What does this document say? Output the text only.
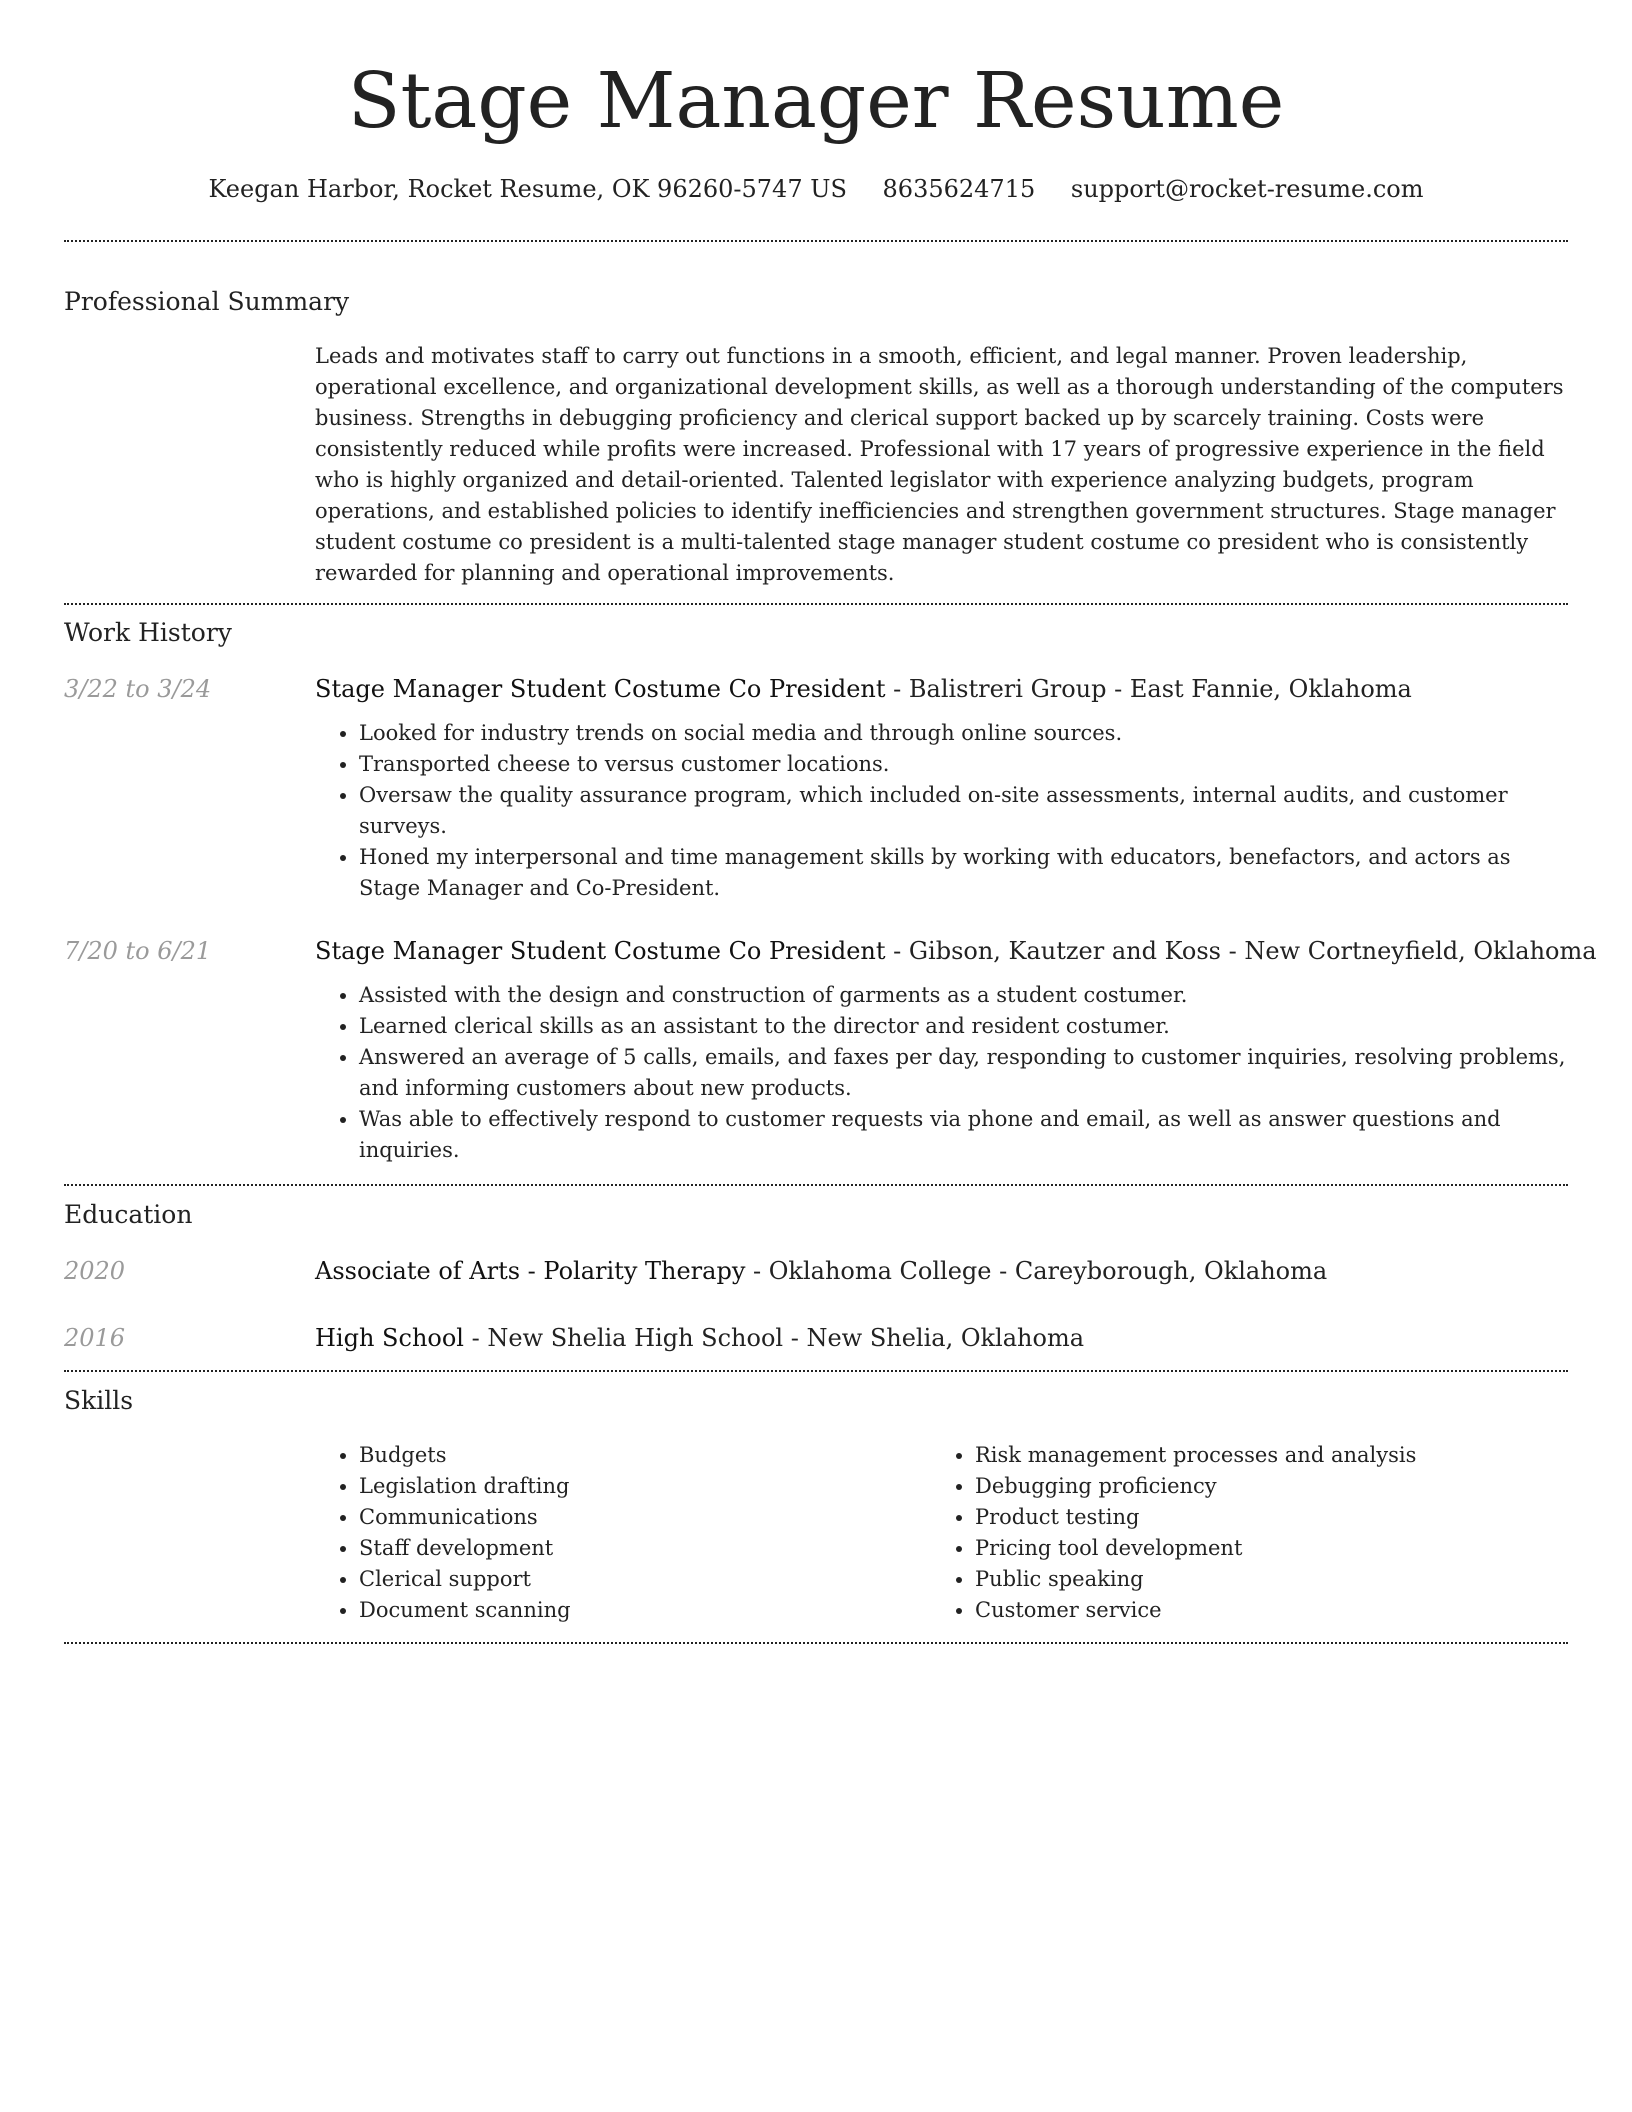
Stage Manager Resume
Keegan Harbor, Rocket Resume, OK 96260-5747 US 8635624715 support@rocket-resume.com
Professional Summary

Leads and motivates staff to carry out functions in a smooth, efficient, and legal manner. Proven leadership, operational excellence, and organizational development skills, as well as a thorough understanding of the computers business. Strengths in debugging proficiency and clerical support backed up by scarcely training. Costs were consistently reduced while profits were increased. Professional with 17 years of progressive experience in the field who is highly organized and detail-oriented. Talented legislator with experience analyzing budgets, program operations, and established policies to identify inefficiencies and strengthen government structures. Stage manager student costume co president is a multi-talented stage manager student costume co president who is consistently rewarded for planning and operational improvements.

Work History
3/22 to 3/24	Stage Manager Student Costume Co President - Balistreri Group - East Fannie, Oklahoma
• Looked for industry trends on social media and through online sources.
• Transported cheese to versus customer locations.
• Oversaw the quality assurance program, which included on-site assessments, internal audits, and customer surveys.
• Honed my interpersonal and time management skills by working with educators, benefactors, and actors as Stage Manager and Co-President.
7/20 to 6/21	Stage Manager Student Costume Co President - Gibson, Kautzer and Koss - New Cortneyfield, Oklahoma
• Assisted with the design and construction of garments as a student costumer.
• Learned clerical skills as an assistant to the director and resident costumer.
• Answered an average of 5 calls, emails, and faxes per day, responding to customer inquiries, resolving problems, and informing customers about new products.
• Was able to effectively respond to customer requests via phone and email, as well as answer questions and inquiries.
Education
2020	Associate of Arts - Polarity Therapy - Oklahoma College - Careyborough, Oklahoma
2016	High School - New Shelia High School - New Shelia, Oklahoma
Skills
• Budgets
• Legislation drafting
• Communications
• Staff development
• Clerical support
• Document scanning
• Risk management processes and analysis
• Debugging proficiency
• Product testing
• Pricing tool development
• Public speaking
• Customer service
